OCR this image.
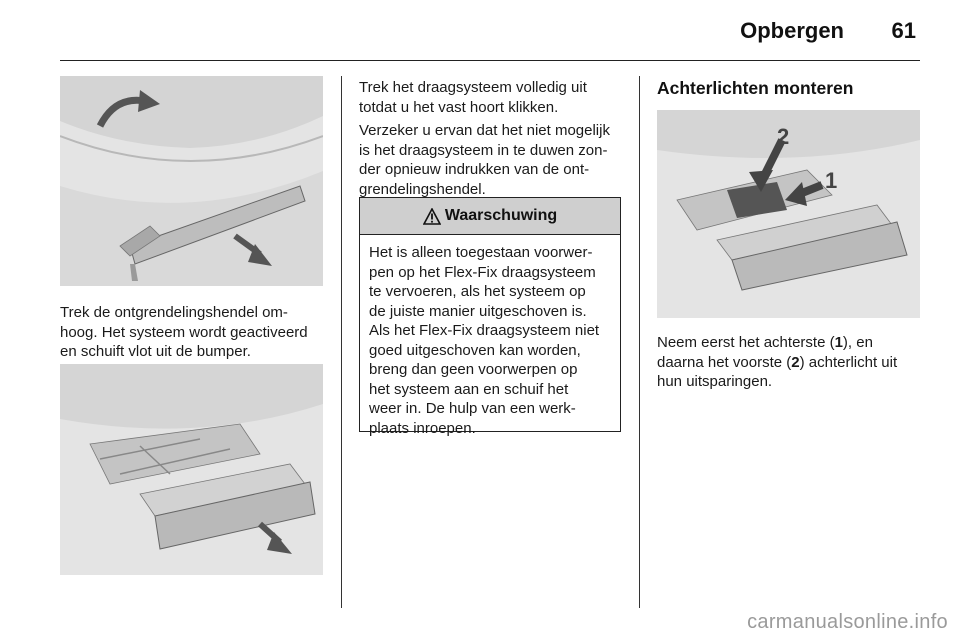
Opbergen 61

Trek de ontgrendelingshendel om-
hoog. Het systeem wordt geactiveerd
en schuift vlot uit de bumper.

Trek het draagsysteem volledig uit
totdat u het vast hoort klikken.

Verzeker u ervan dat het niet mogelijk
is het draagsysteem in te duwen zon-
der opnieuw indrukken van de ont-
grendelingshendel.

Waarschuwing
Het is alleen toegestaan voorwer-
pen op het Flex-Fix draagsysteem
te vervoeren, als het systeem op
de juiste manier uitgeschoven is.
Als het Flex-Fix draagsysteem niet
goed uitgeschoven kan worden,
breng dan geen voorwerpen op
het systeem aan en schuif het
weer in. De hulp van een werk-
plaats inroepen.
Achterlichten monteren
2
1

Neem eerst het achterste (1), en
daarna het voorste (2) achterlicht uit
hun uitsparingen.

carmanualsonline.info
